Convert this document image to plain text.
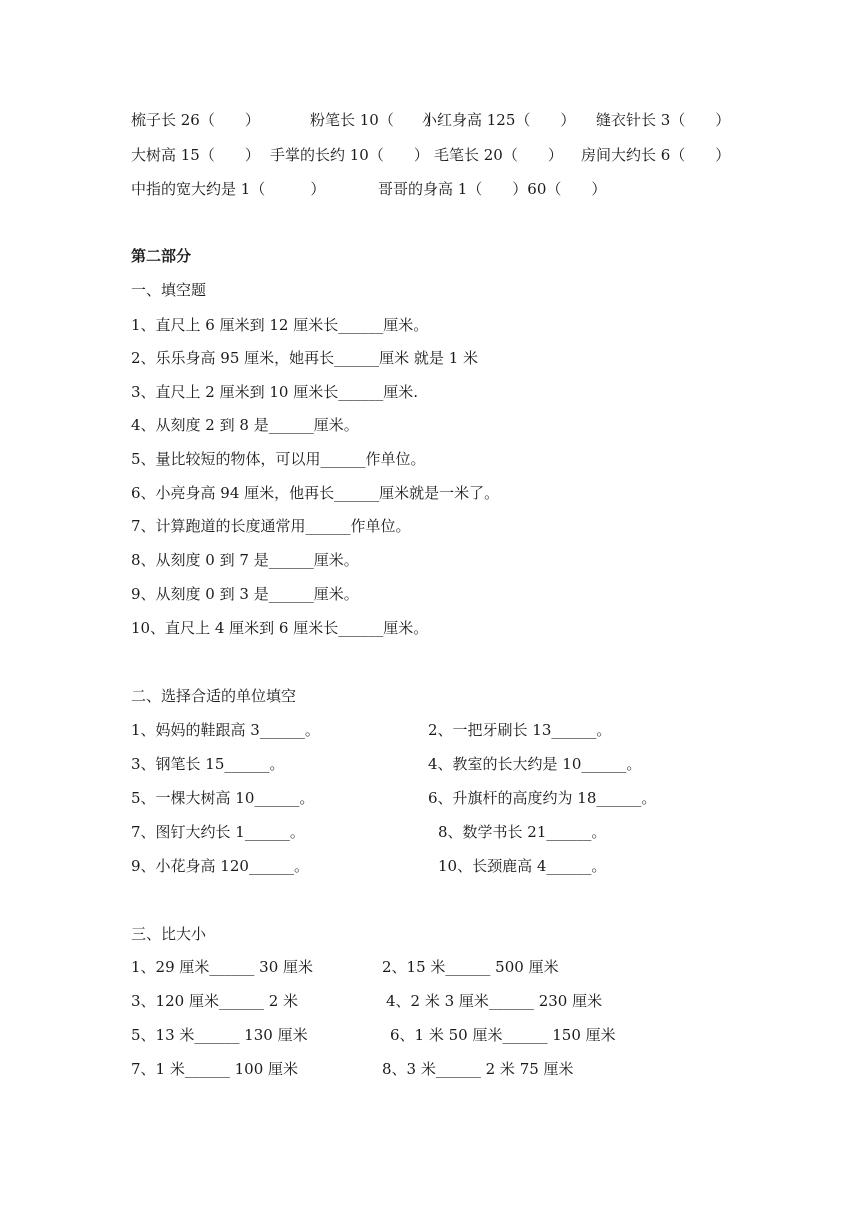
梳子长 26（　　）	粉笔长 10（　　）
小红身高 125（　　） 缝衣针长 3（　　）
大树高 15（　　） 手掌的长约 10（　　） 毛笔长 20（　　） 房间大约长 6（　　）
中指的宽大约是 1（　　　）	哥哥的身高 1（　　）60（　　）
第二部分
一、填空题
1、直尺上 6 厘米到 12 厘米长______厘米。
2、乐乐身高 95 厘米，她再长______厘米 就是 1 米
3、直尺上 2 厘米到 10 厘米长______厘米.
4、从刻度 2 到 8 是______厘米。
5、量比较短的物体，可以用______作单位。
6、小亮身高 94 厘米，他再长______厘米就是一米了。
7、计算跑道的长度通常用______作单位。
8、从刻度 0 到 7 是______厘米。
9、从刻度 0 到 3 是______厘米。
10、直尺上 4 厘米到 6 厘米长______厘米。
二、选择合适的单位填空
1、妈妈的鞋跟高 3______。	2、一把牙刷长 13______。
3、钢笔长 15______。	4、教室的长大约是 10______。
5、一棵大树高 10______。	6、升旗杆的高度约为 18______。
7、图钉大约长 1______。	8、数学书长 21______。
9、小花身高 120______。	10、长颈鹿高 4______。
三、比大小
1、29 厘米______ 30 厘米	2、15 米______ 500 厘米
3、120 厘米______ 2 米	4、2 米 3 厘米______ 230 厘米
5、13 米______ 130 厘米	6、1 米 50 厘米______ 150 厘米
7、1 米______ 100 厘米	8、3 米______ 2 米 75 厘米
